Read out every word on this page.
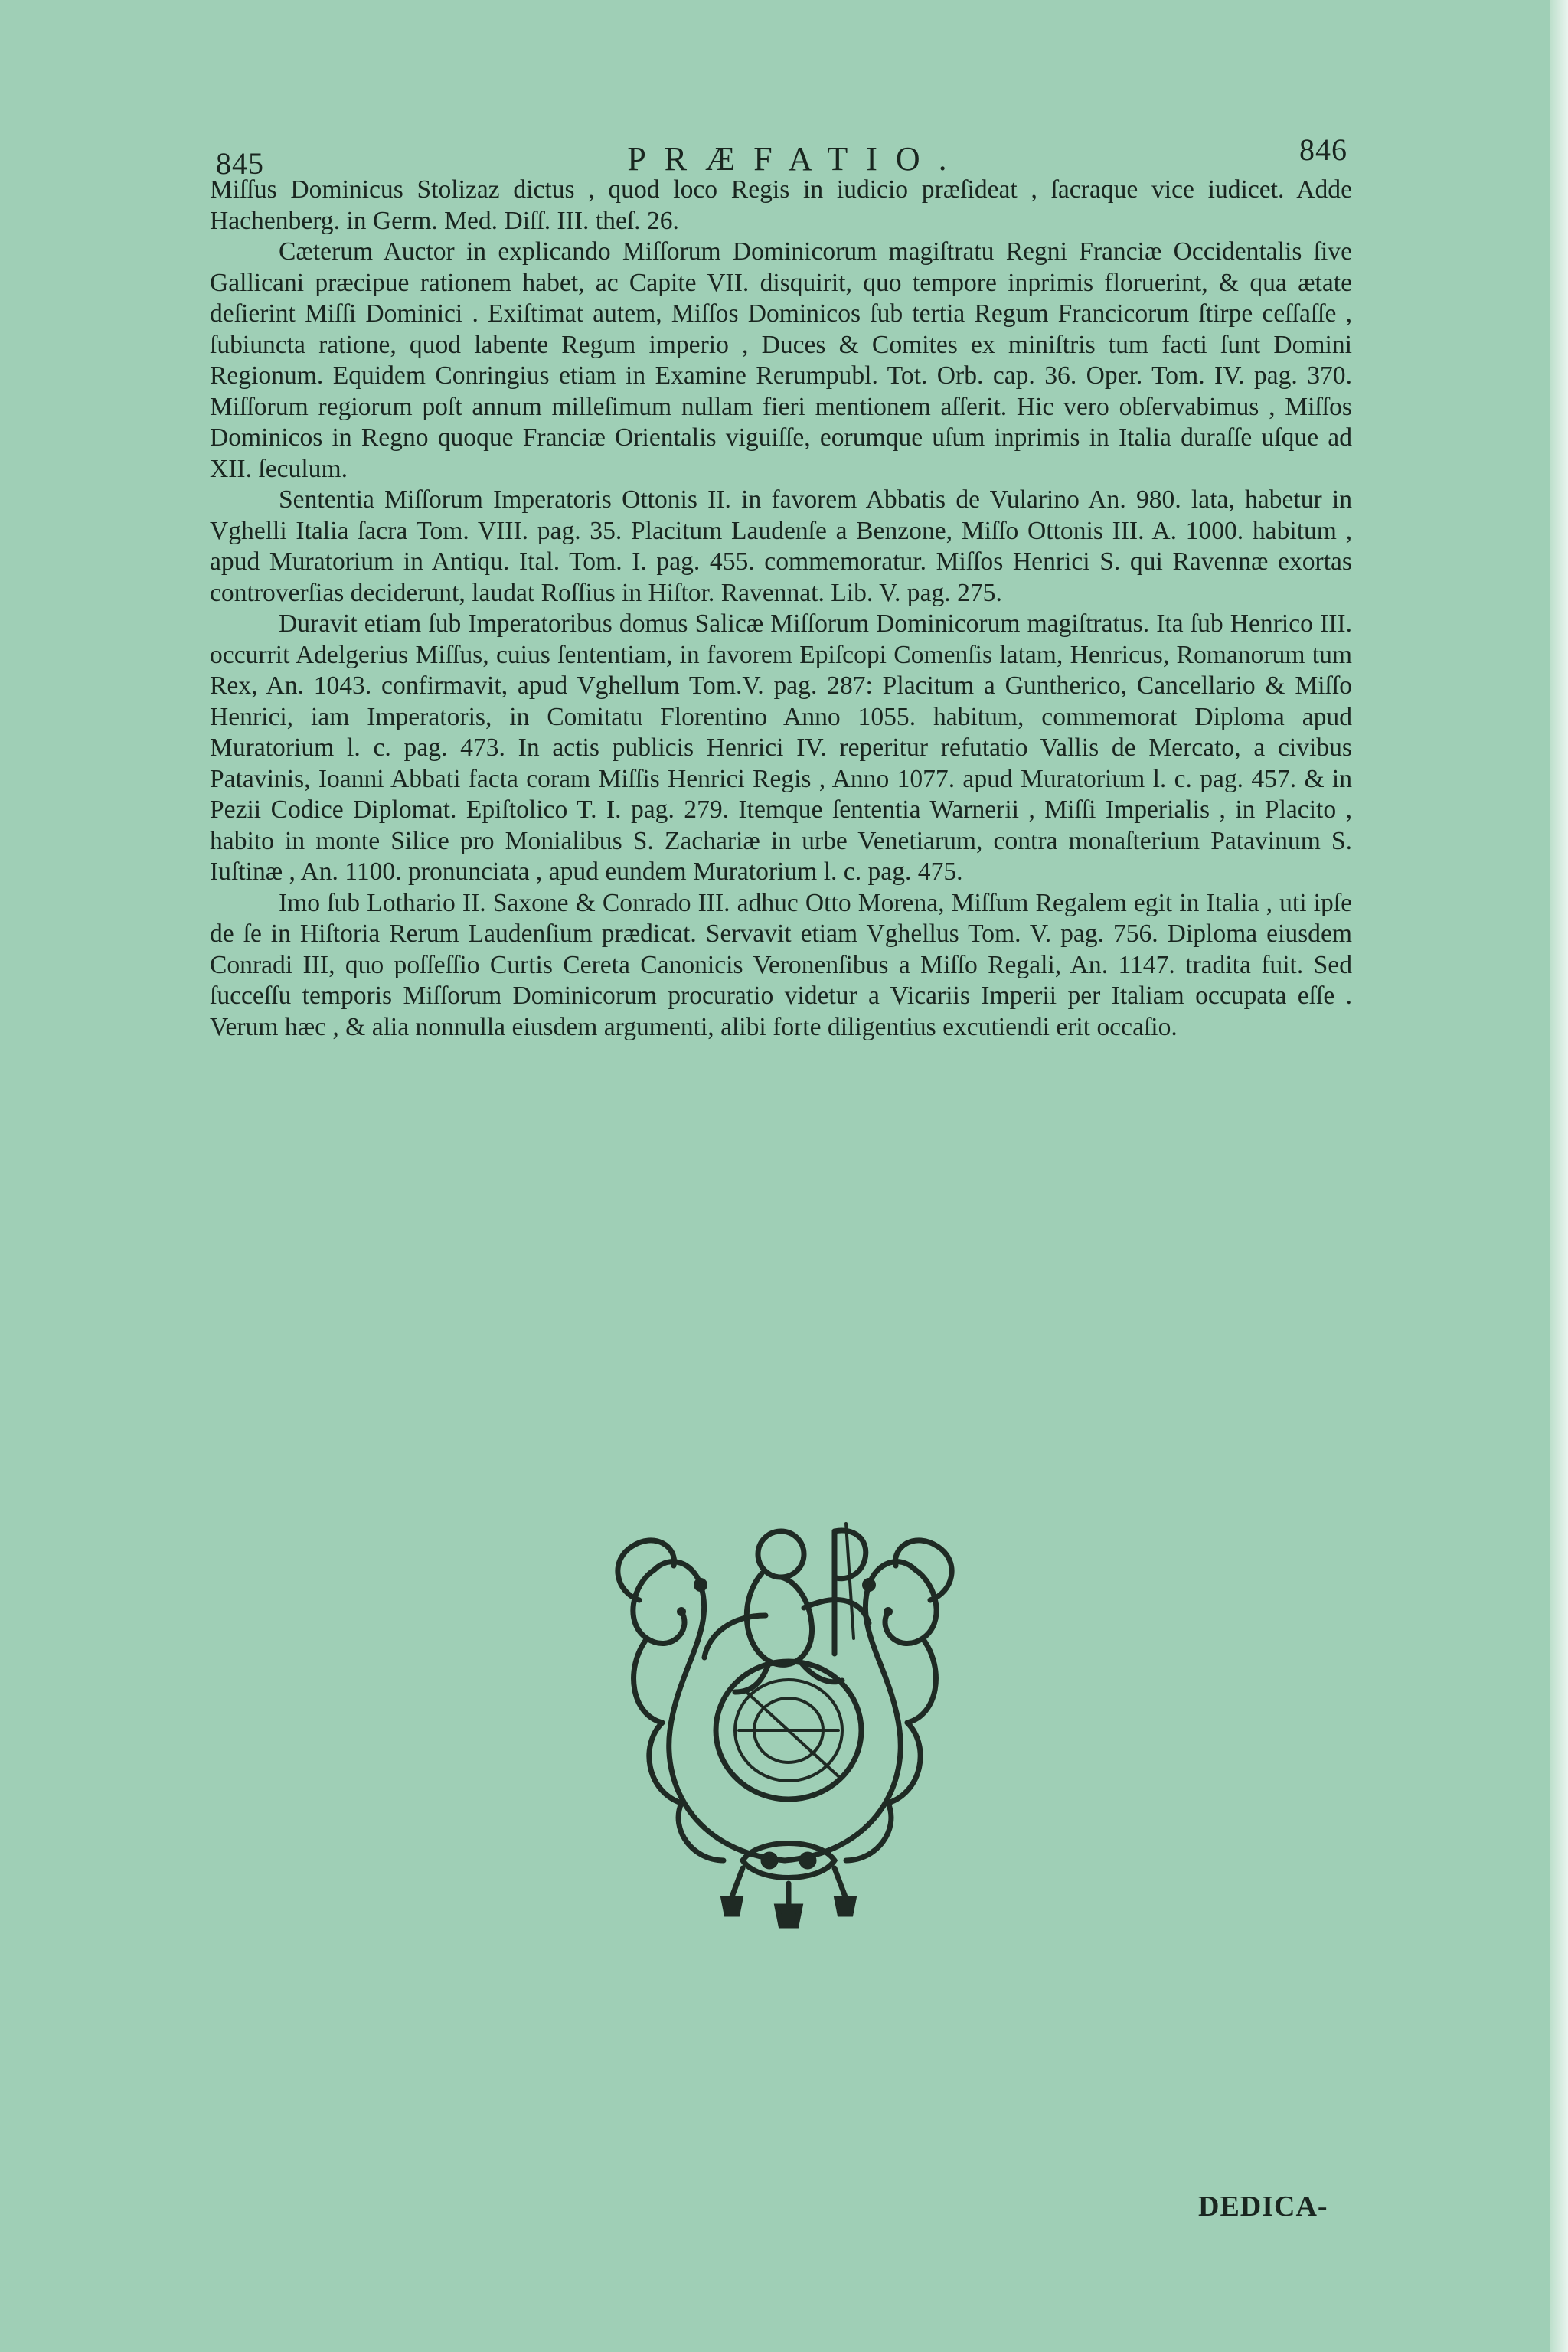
845	PRÆFATIO.	846

Miſſus Dominicus Stolizaz dictus , quod loco Regis in iudicio præſideat , ſacraque vice iudicet. Adde Hachenberg. in Germ. Med. Diſſ. III. theſ. 26.

Cæterum Auctor in explicando Miſſorum Dominicorum magiſtratu Regni Franciæ Occidentalis ſive Gallicani præcipue rationem habet, ac Capite VII. disquirit, quo tempore inprimis floruerint, & qua ætate deſierint Miſſi Dominici . Exiſtimat autem, Miſſos Dominicos ſub tertia Regum Francicorum ſtirpe ceſſaſſe , ſubiuncta ratione, quod labente Regum imperio , Duces & Comites ex miniſtris tum facti ſunt Domini Regionum. Equidem Conringius etiam in Examine Rerumpubl. Tot. Orb. cap. 36. Oper. Tom. IV. pag. 370. Miſſorum regiorum poſt annum milleſimum nullam fieri mentionem aſſerit. Hic vero obſervabimus , Miſſos Dominicos in Regno quoque Franciæ Orientalis viguiſſe, eorumque uſum inprimis in Italia duraſſe uſque ad XII. ſeculum.

Sententia Miſſorum Imperatoris Ottonis II. in favorem Abbatis de Vularino An. 980. lata, habetur in Vghelli Italia ſacra Tom. VIII. pag. 35. Placitum Laudenſe a Benzone, Miſſo Ottonis III. A. 1000. habitum , apud Muratorium in Antiqu. Ital. Tom. I. pag. 455. commemoratur. Miſſos Henrici S. qui Ravennæ exortas controverſias deciderunt, laudat Roſſius in Hiſtor. Ravennat. Lib. V. pag. 275.

Duravit etiam ſub Imperatoribus domus Salicæ Miſſorum Dominicorum magiſtratus. Ita ſub Henrico III. occurrit Adelgerius Miſſus, cuius ſententiam, in favorem Epiſcopi Comenſis latam, Henricus, Romanorum tum Rex, An. 1043. confirmavit, apud Vghellum Tom.V. pag. 287: Placitum a Guntherico, Cancellario & Miſſo Henrici, iam Imperatoris, in Comitatu Florentino Anno 1055. habitum, commemorat Diploma apud Muratorium l. c. pag. 473. In actis publicis Henrici IV. reperitur refutatio Vallis de Mercato, a civibus Patavinis, Ioanni Abbati facta coram Miſſis Henrici Regis , Anno 1077. apud Muratorium l. c. pag. 457. & in Pezii Codice Diplomat. Epiſtolico T. I. pag. 279. Itemque ſententia Warnerii , Miſſi Imperialis , in Placito , habito in monte Silice pro Monialibus S. Zachariæ in urbe Venetiarum, contra monaſterium Patavinum S. Iuſtinæ , An. 1100. pronunciata , apud eundem Muratorium l. c. pag. 475.

Imo ſub Lothario II. Saxone & Conrado III. adhuc Otto Morena, Miſſum Regalem egit in Italia , uti ipſe de ſe in Hiſtoria Rerum Laudenſium prædicat. Servavit etiam Vghellus Tom. V. pag. 756. Diploma eiusdem Conradi III, quo poſſeſſio Curtis Cereta Canonicis Veronenſibus a Miſſo Regali, An. 1147. tradita fuit. Sed ſucceſſu temporis Miſſorum Dominicorum procuratio videtur a Vicariis Imperii per Italiam occupata eſſe . Verum hæc , & alia nonnulla eiusdem argumenti, alibi forte diligentius excutiendi erit occaſio.

DEDICA-
